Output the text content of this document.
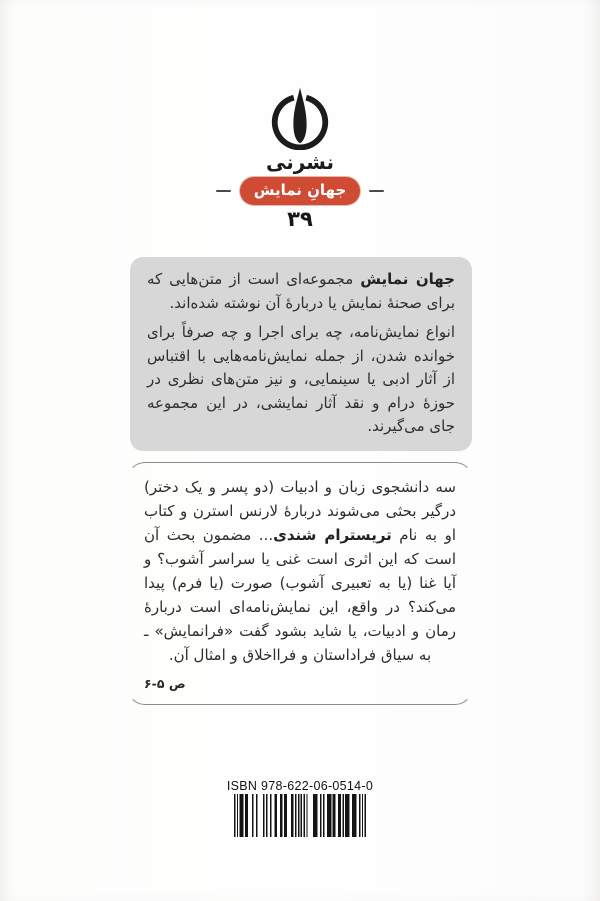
نشرنی
جهانِ نمایش
۳۹

جهان نمایش مجموعه‌ای است از متن‌هایی که برای صحنهٔ نمایش یا دربارهٔ آن نوشته شده‌اند.

انواع نمایش‌نامه، چه برای اجرا و چه صرفاً برای خوانده شدن، از جمله نمایش‌نامه‌هایی با اقتباس از آثار ادبی یا سینمایی، و نیز متن‌های نظری در حوزهٔ درام و نقد آثار نمایشی، در این مجموعه جای می‌گیرند.

سه دانشجوی زبان و ادبیات (دو پسر و یک دختر) درگیر بحثی می‌شوند دربارهٔ لارنس استرن و کتاب او به نام تریسترام شندی... مضمون بحث آن است که این اثری است غنی یا سراسر آشوب؟ و آیا غنا (یا به تعبیری آشوب) صورت (یا فرم) پیدا می‌کند؟ در واقع، این نمایش‌نامه‌ای است دربارهٔ رمان و ادبیات، یا شاید بشود گفت «فرانمایش» ـ به سیاق فراداستان و فرااخلاق و امثال آن.

ص ۵-۶
ISBN 978-622-06-0514-0
